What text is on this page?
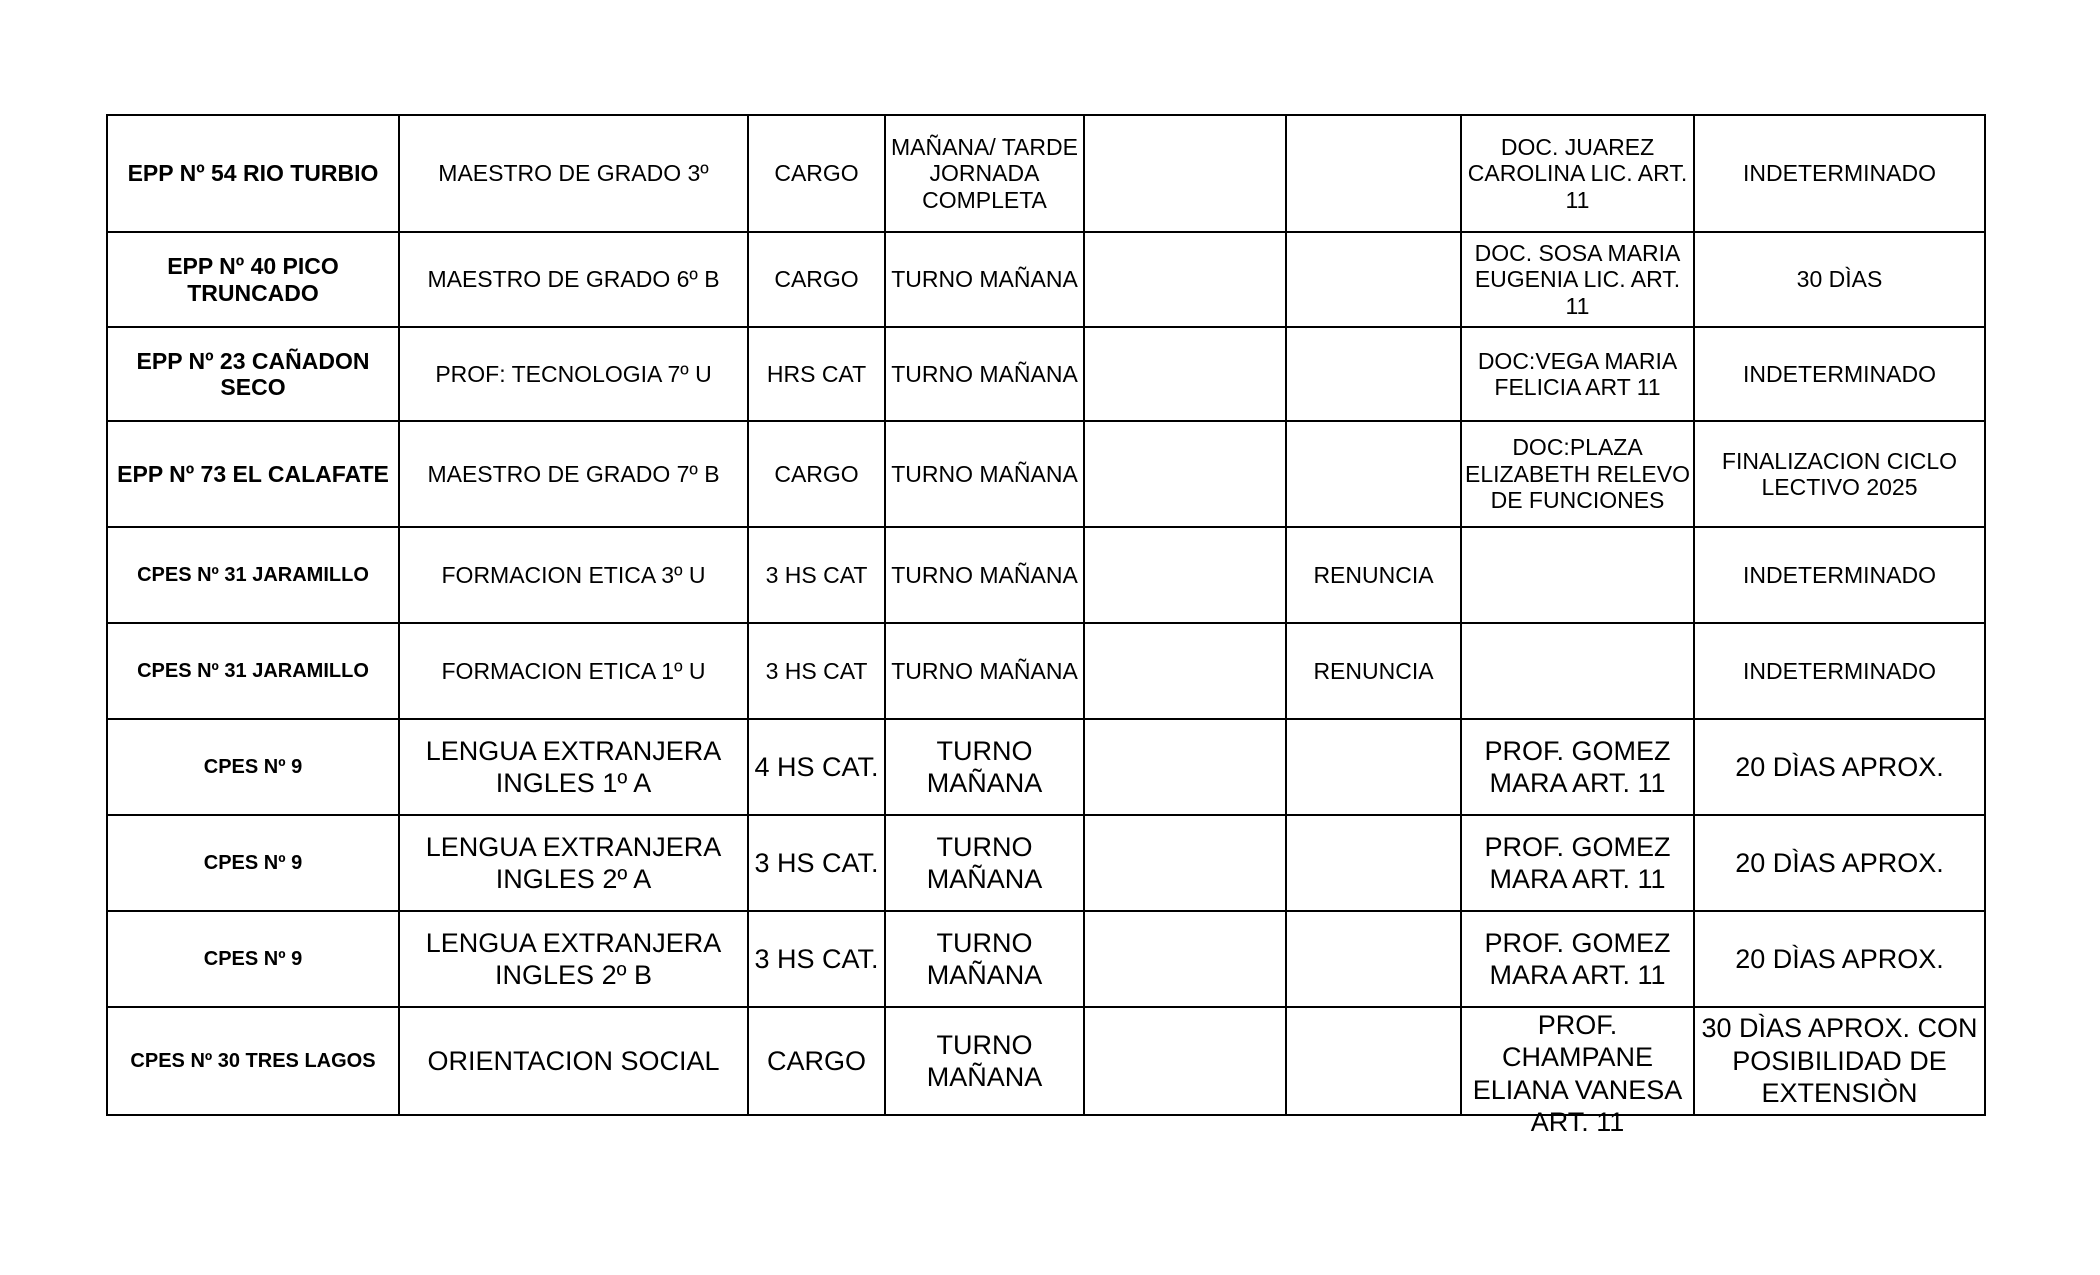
EPP Nº 54 RIO TURBIO	MAESTRO DE GRADO 3º	CARGO	MAÑANA/ TARDE JORNADA COMPLETA			DOC. JUAREZ CAROLINA LIC. ART. 11	INDETERMINADO
EPP Nº 40 PICO TRUNCADO	MAESTRO DE GRADO 6º B	CARGO	TURNO MAÑANA			DOC. SOSA MARIA EUGENIA LIC. ART. 11	30 DÌAS
EPP Nº 23 CAÑADON SECO	PROF: TECNOLOGIA 7º U	HRS CAT	TURNO MAÑANA			DOC:VEGA MARIA FELICIA ART 11	INDETERMINADO
EPP Nº 73 EL CALAFATE	MAESTRO DE GRADO 7º B	CARGO	TURNO MAÑANA			DOC:PLAZA ELIZABETH RELEVO DE FUNCIONES	FINALIZACION CICLO LECTIVO 2025
CPES Nº 31 JARAMILLO	FORMACION ETICA 3º U	3 HS CAT	TURNO MAÑANA		RENUNCIA		INDETERMINADO
CPES Nº 31 JARAMILLO	FORMACION ETICA 1º U	3 HS CAT	TURNO MAÑANA		RENUNCIA		INDETERMINADO
CPES Nº 9	LENGUA EXTRANJERA INGLES 1º A	4 HS CAT.	TURNO MAÑANA			PROF. GOMEZ MARA ART. 11	20 DÌAS APROX.
CPES Nº 9	LENGUA EXTRANJERA INGLES 2º A	3 HS CAT.	TURNO MAÑANA			PROF. GOMEZ MARA ART. 11	20 DÌAS APROX.
CPES Nº 9	LENGUA EXTRANJERA INGLES 2º B	3 HS CAT.	TURNO MAÑANA			PROF. GOMEZ MARA ART. 11	20 DÌAS APROX.
CPES Nº 30 TRES LAGOS	ORIENTACION SOCIAL	CARGO	TURNO MAÑANA			PROF. CHAMPANE ELIANA VANESA ART. 11	30 DÌAS APROX. CON POSIBILIDAD DE EXTENSIÒN
